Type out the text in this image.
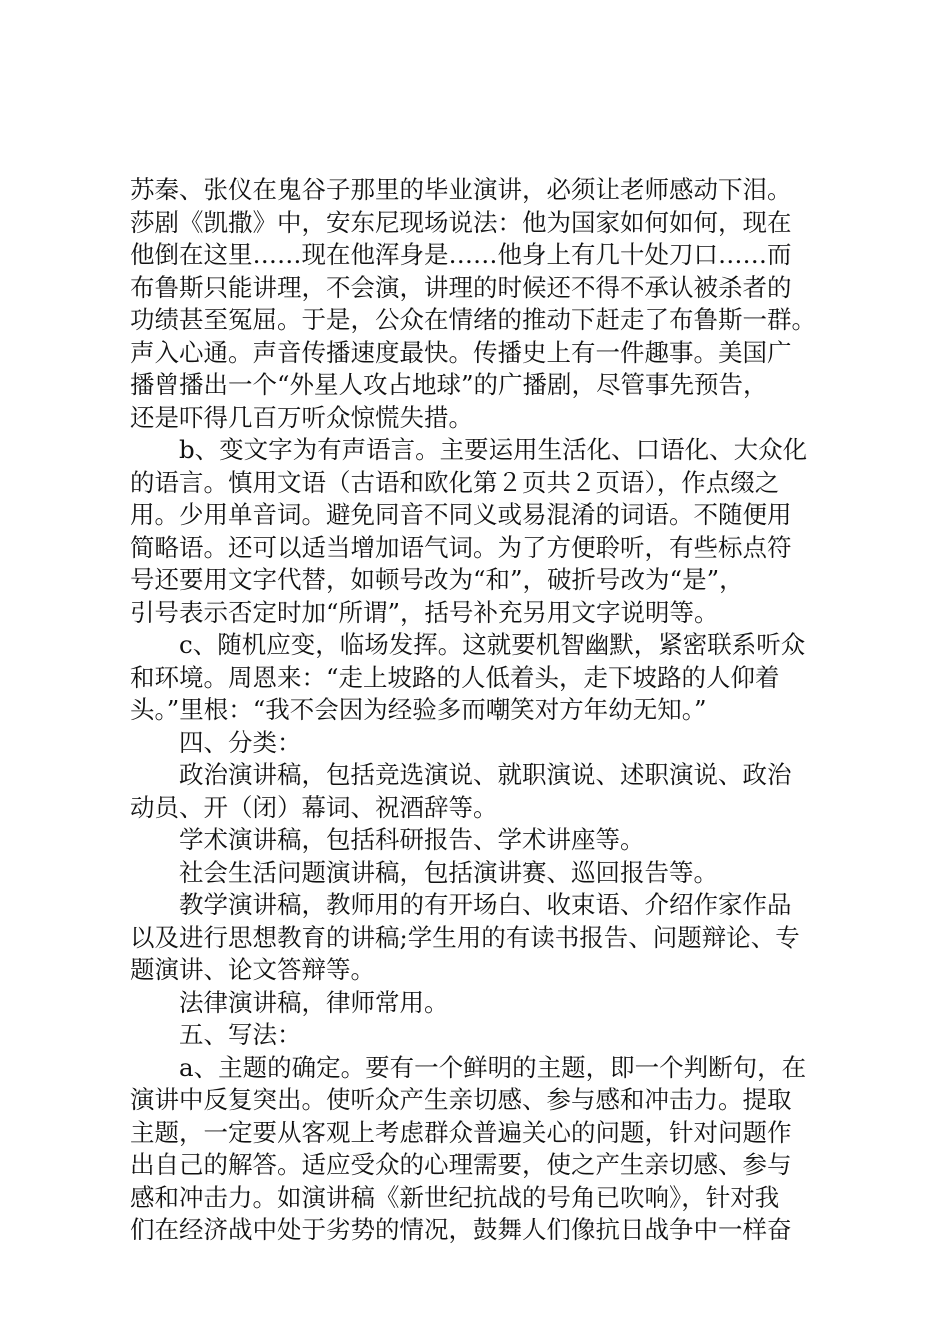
苏秦、张仪在鬼谷子那里的毕业演讲，必须让老师感动下泪。
莎剧《凯撒》中，安东尼现场说法：他为国家如何如何，现在
他倒在这里……现在他浑身是……他身上有几十处刀口……而
布鲁斯只能讲理，不会演，讲理的时候还不得不承认被杀者的
功绩甚至冤屈。于是，公众在情绪的推动下赶走了布鲁斯一群。
声入心通。声音传播速度最快。传播史上有一件趣事。美国广
播曾播出一个“外星人攻占地球”的广播剧，尽管事先预告，
还是吓得几百万听众惊慌失措。
b、变文字为有声语言。主要运用生活化、口语化、大众化
的语言。慎用文语（古语和欧化第２页共２页语），作点缀之
用。少用单音词。避免同音不同义或易混淆的词语。不随便用
简略语。还可以适当增加语气词。为了方便聆听，有些标点符
号还要用文字代替，如顿号改为“和”，破折号改为“是”，
引号表示否定时加“所谓”，括号补充另用文字说明等。
c、随机应变，临场发挥。这就要机智幽默，紧密联系听众
和环境。周恩来：“走上坡路的人低着头，走下坡路的人仰着
头。”里根：“我不会因为经验多而嘲笑对方年幼无知。”
四、分类：
政治演讲稿，包括竞选演说、就职演说、述职演说、政治
动员、开（闭）幕词、祝酒辞等。
学术演讲稿，包括科研报告、学术讲座等。
社会生活问题演讲稿，包括演讲赛、巡回报告等。
教学演讲稿，教师用的有开场白、收束语、介绍作家作品
以及进行思想教育的讲稿;学生用的有读书报告、问题辩论、专
题演讲、论文答辩等。
法律演讲稿，律师常用。
五、写法：
a、主题的确定。要有一个鲜明的主题，即一个判断句，在
演讲中反复突出。使听众产生亲切感、参与感和冲击力。提取
主题，一定要从客观上考虑群众普遍关心的问题，针对问题作
出自己的解答。适应受众的心理需要，使之产生亲切感、参与
感和冲击力。如演讲稿《新世纪抗战的号角已吹响》，针对我
们在经济战中处于劣势的情况，鼓舞人们像抗日战争中一样奋
